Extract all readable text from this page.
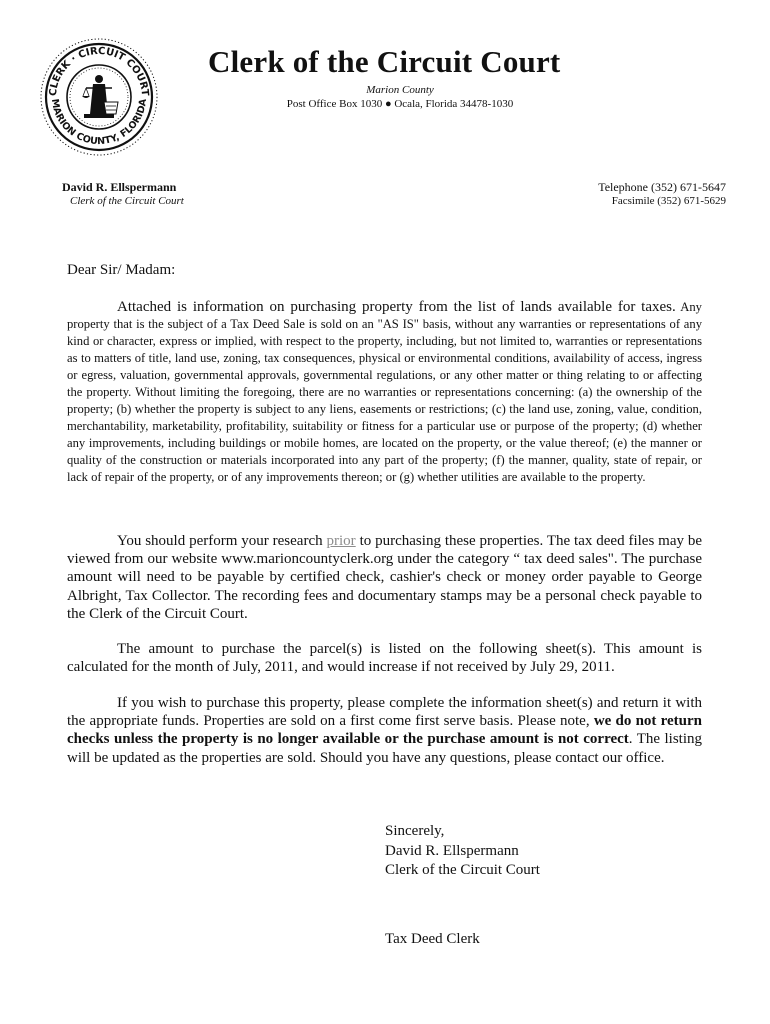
CLERK · CIRCUIT COURT
MARION COUNTY, FLORIDA
Clerk of the Circuit Court
Marion County
Post Office Box 1030 ● Ocala, Florida 34478-1030
David R. Ellspermann
Clerk of the Circuit Court
Telephone (352) 671-5647
Facsimile (352) 671-5629
Dear Sir/ Madam:
Attached is information on purchasing property from the list of lands available for taxes. Any property that is the subject of a Tax Deed Sale is sold on an "AS IS" basis, without any warranties or representations of any kind or character, express or implied, with respect to the property, including, but not limited to, warranties or representations as to matters of title, land use, zoning, tax consequences, physical or environmental conditions, availability of access, ingress or egress, valuation, governmental approvals, governmental regulations, or any other matter or thing relating to or affecting the property. Without limiting the foregoing, there are no warranties or representations concerning: (a) the ownership of the property; (b) whether the property is subject to any liens, easements or restrictions; (c) the land use, zoning, value, condition, merchantability, marketability, profitability, suitability or fitness for a particular use or purpose of the property; (d) whether any improvements, including buildings or mobile homes, are located on the property, or the value thereof; (e) the manner or quality of the construction or materials incorporated into any part of the property; (f) the manner, quality, state of repair, or lack of repair of the property, or of any improvements thereon; or (g) whether utilities are available to the property.
You should perform your research prior to purchasing these properties. The tax deed files may be viewed from our website www.marioncountyclerk.org under the category “ tax deed sales". The purchase amount will need to be payable by certified check, cashier's check or money order payable to George Albright, Tax Collector. The recording fees and documentary stamps may be a personal check payable to the Clerk of the Circuit Court.
The amount to purchase the parcel(s) is listed on the following sheet(s). This amount is calculated for the month of July, 2011, and would increase if not received by July 29, 2011.
If you wish to purchase this property, please complete the information sheet(s) and return it with the appropriate funds. Properties are sold on a first come first serve basis. Please note, we do not return checks unless the property is no longer available or the purchase amount is not correct. The listing will be updated as the properties are sold. Should you have any questions, please contact our office.
Sincerely,
David R. Ellspermann
Clerk of the Circuit Court
Tax Deed Clerk
